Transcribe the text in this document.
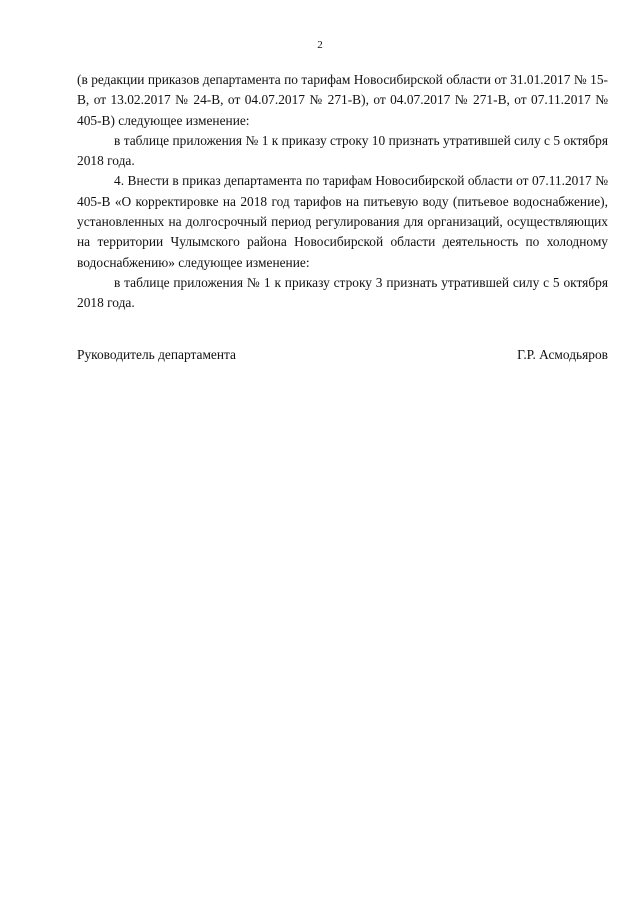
2

(в редакции приказов департамента по тарифам Новосибирской области от 31.01.2017 № 15-В, от 13.02.2017 № 24-В, от 04.07.2017 № 271-В), от 04.07.2017 № 271-В, от 07.11.2017 № 405-В) следующее изменение:

в таблице приложения № 1 к приказу строку 10 признать утратившей силу с 5 октября 2018 года.

4. Внести в приказ департамента по тарифам Новосибирской области от 07.11.2017 № 405-В «О корректировке на 2018 год тарифов на питьевую воду (питьевое водоснабжение), установленных на долгосрочный период регулирования для организаций, осуществляющих на территории Чулымского района Новосибирской области деятельность по холодному водоснабжению» следующее изменение:

в таблице приложения № 1 к приказу строку 3 признать утратившей силу с 5 октября 2018 года.

Руководитель департамента	Г.Р. Асмодьяров
